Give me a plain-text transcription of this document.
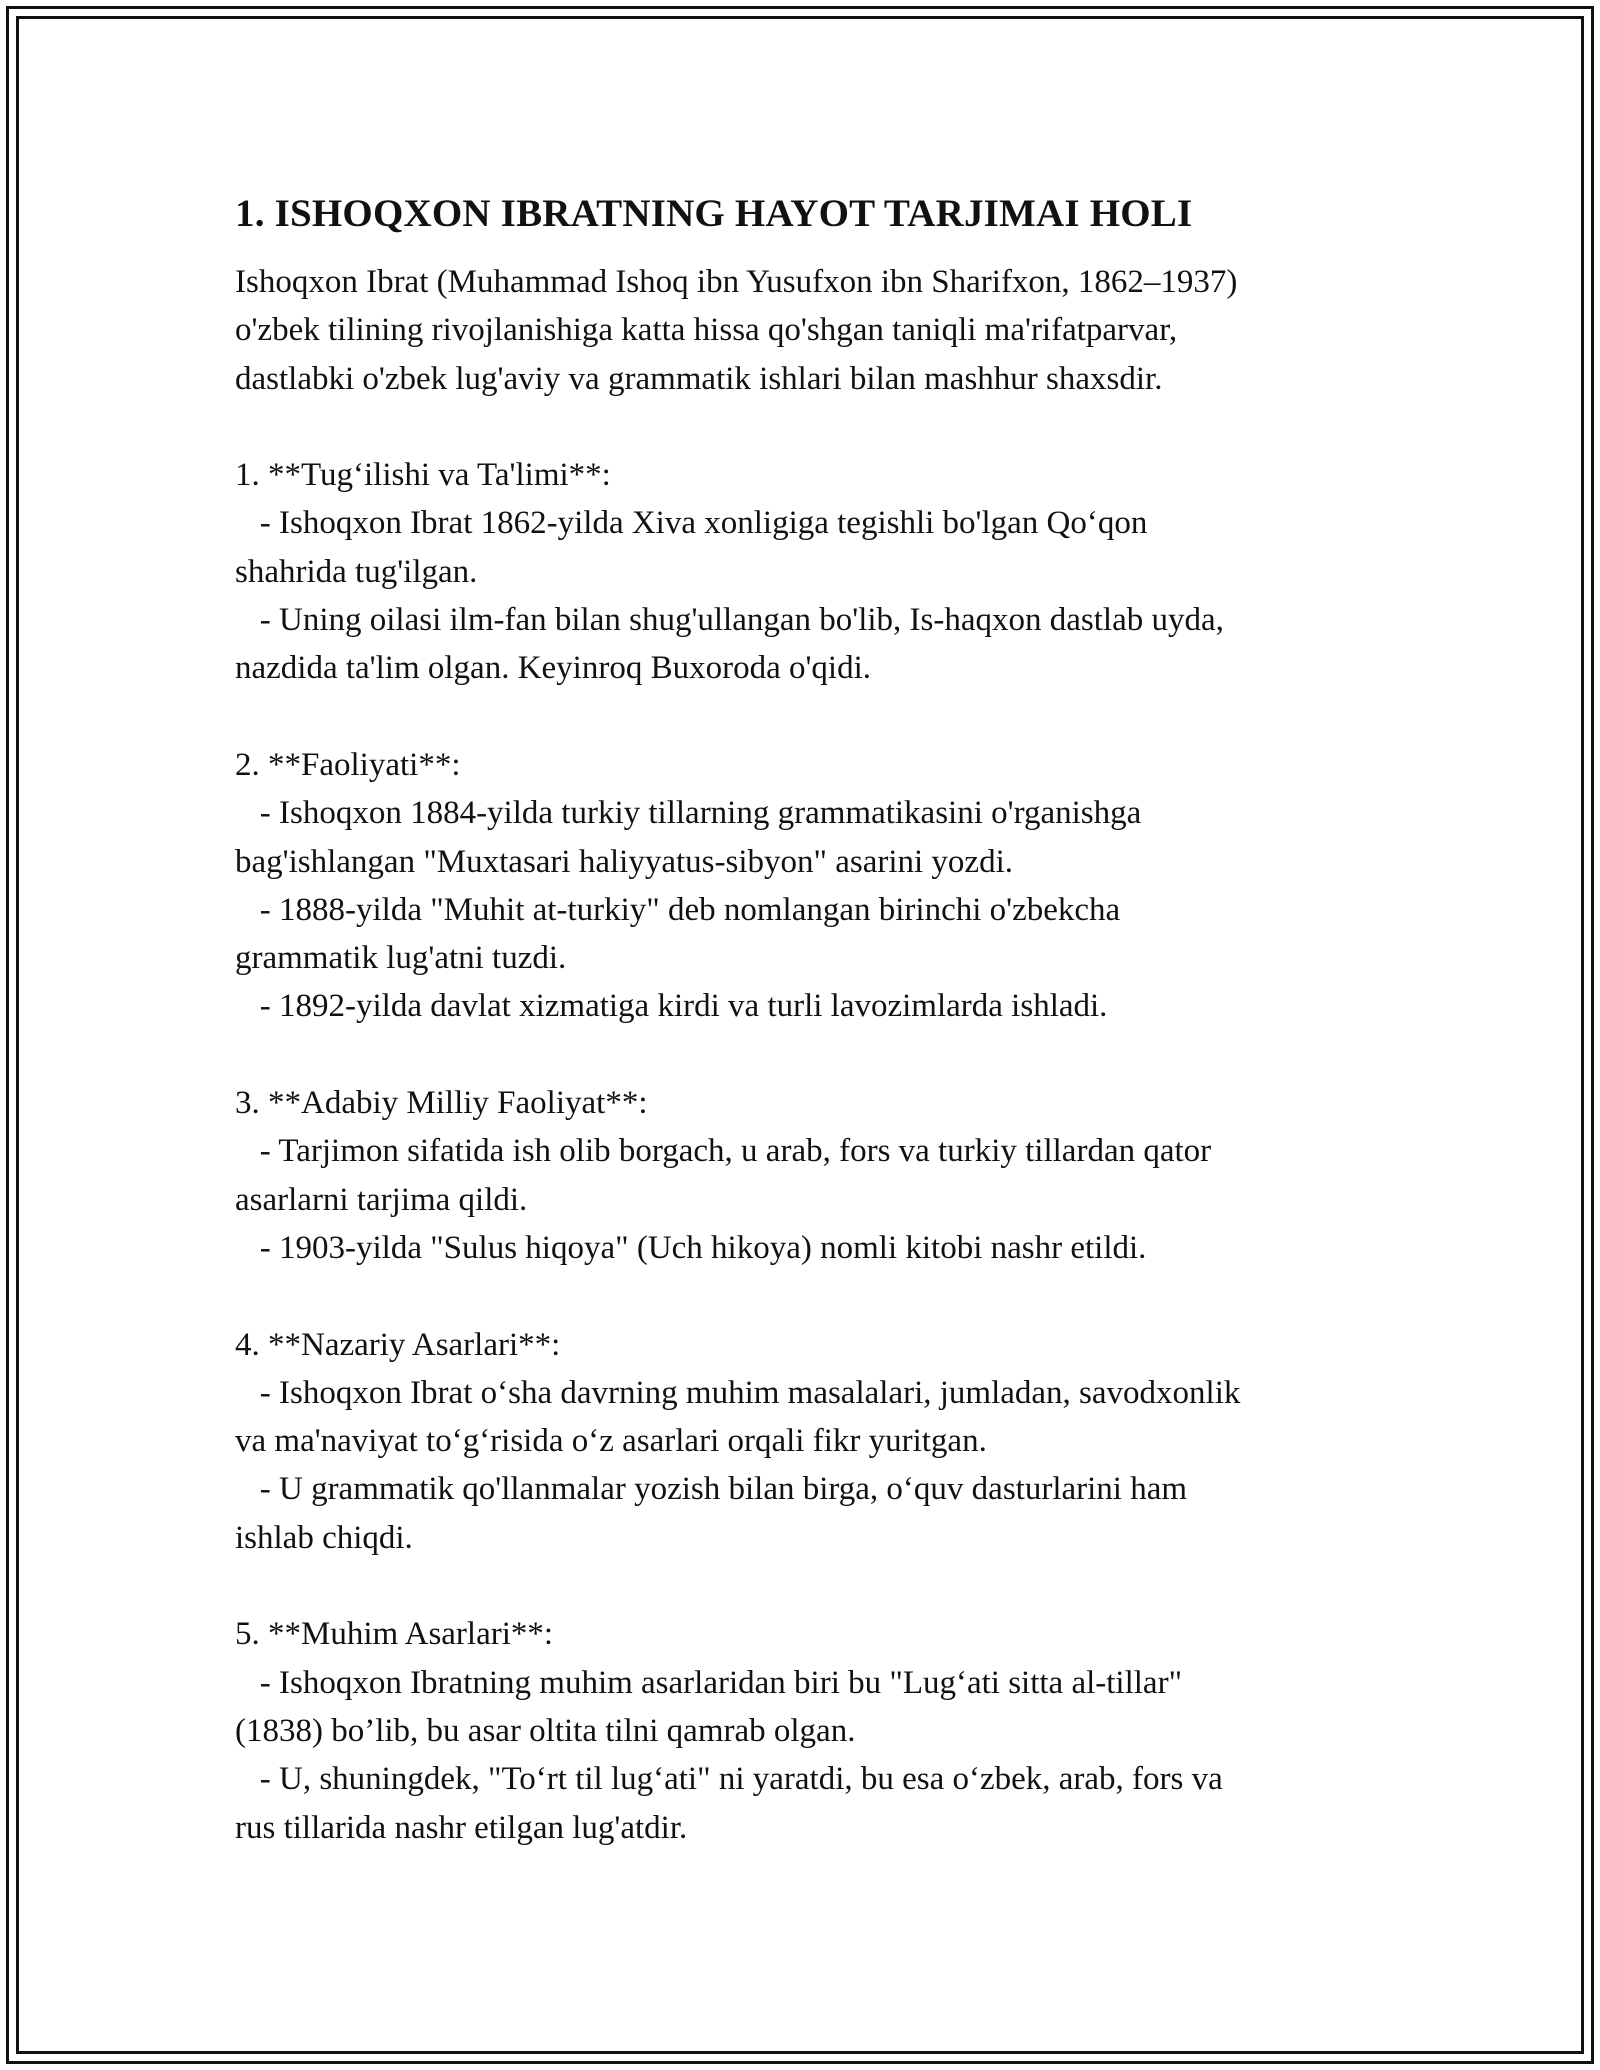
1. ISHOQXON IBRATNING HAYOT TARJIMAI HOLI
Ishoqxon Ibrat (Muhammad Ishoq ibn Yusufxon ibn Sharifxon, 1862–1937)
o'zbek tilining rivojlanishiga katta hissa qo'shgan taniqli ma'rifatparvar,
dastlabki o'zbek lug'aviy va grammatik ishlari bilan mashhur shaxsdir.
1. **Tug‘ilishi va Ta'limi**:
- Ishoqxon Ibrat 1862-yilda Xiva xonligiga tegishli bo'lgan Qo‘qon
shahrida tug'ilgan.
- Uning oilasi ilm-fan bilan shug'ullangan bo'lib, Is-haqxon dastlab uyda,
nazdida ta'lim olgan. Keyinroq Buxoroda o'qidi.
2. **Faoliyati**:
- Ishoqxon 1884-yilda turkiy tillarning grammatikasini o'rganishga
bag'ishlangan "Muxtasari haliyyatus-sibyon" asarini yozdi.
- 1888-yilda "Muhit at-turkiy" deb nomlangan birinchi o'zbekcha
grammatik lug'atni tuzdi.
- 1892-yilda davlat xizmatiga kirdi va turli lavozimlarda ishladi.
3. **Adabiy Milliy Faoliyat**:
- Tarjimon sifatida ish olib borgach, u arab, fors va turkiy tillardan qator
asarlarni tarjima qildi.
- 1903-yilda "Sulus hiqoya" (Uch hikoya) nomli kitobi nashr etildi.
4. **Nazariy Asarlari**:
- Ishoqxon Ibrat o‘sha davrning muhim masalalari, jumladan, savodxonlik
va ma'naviyat to‘g‘risida o‘z asarlari orqali fikr yuritgan.
- U grammatik qo'llanmalar yozish bilan birga, o‘quv dasturlarini ham
ishlab chiqdi.
5. **Muhim Asarlari**:
- Ishoqxon Ibratning muhim asarlaridan biri bu "Lug‘ati sitta al-tillar"
(1838) bo’lib, bu asar oltita tilni qamrab olgan.
- U, shuningdek, "To‘rt til lug‘ati" ni yaratdi, bu esa o‘zbek, arab, fors va
rus tillarida nashr etilgan lug'atdir.
